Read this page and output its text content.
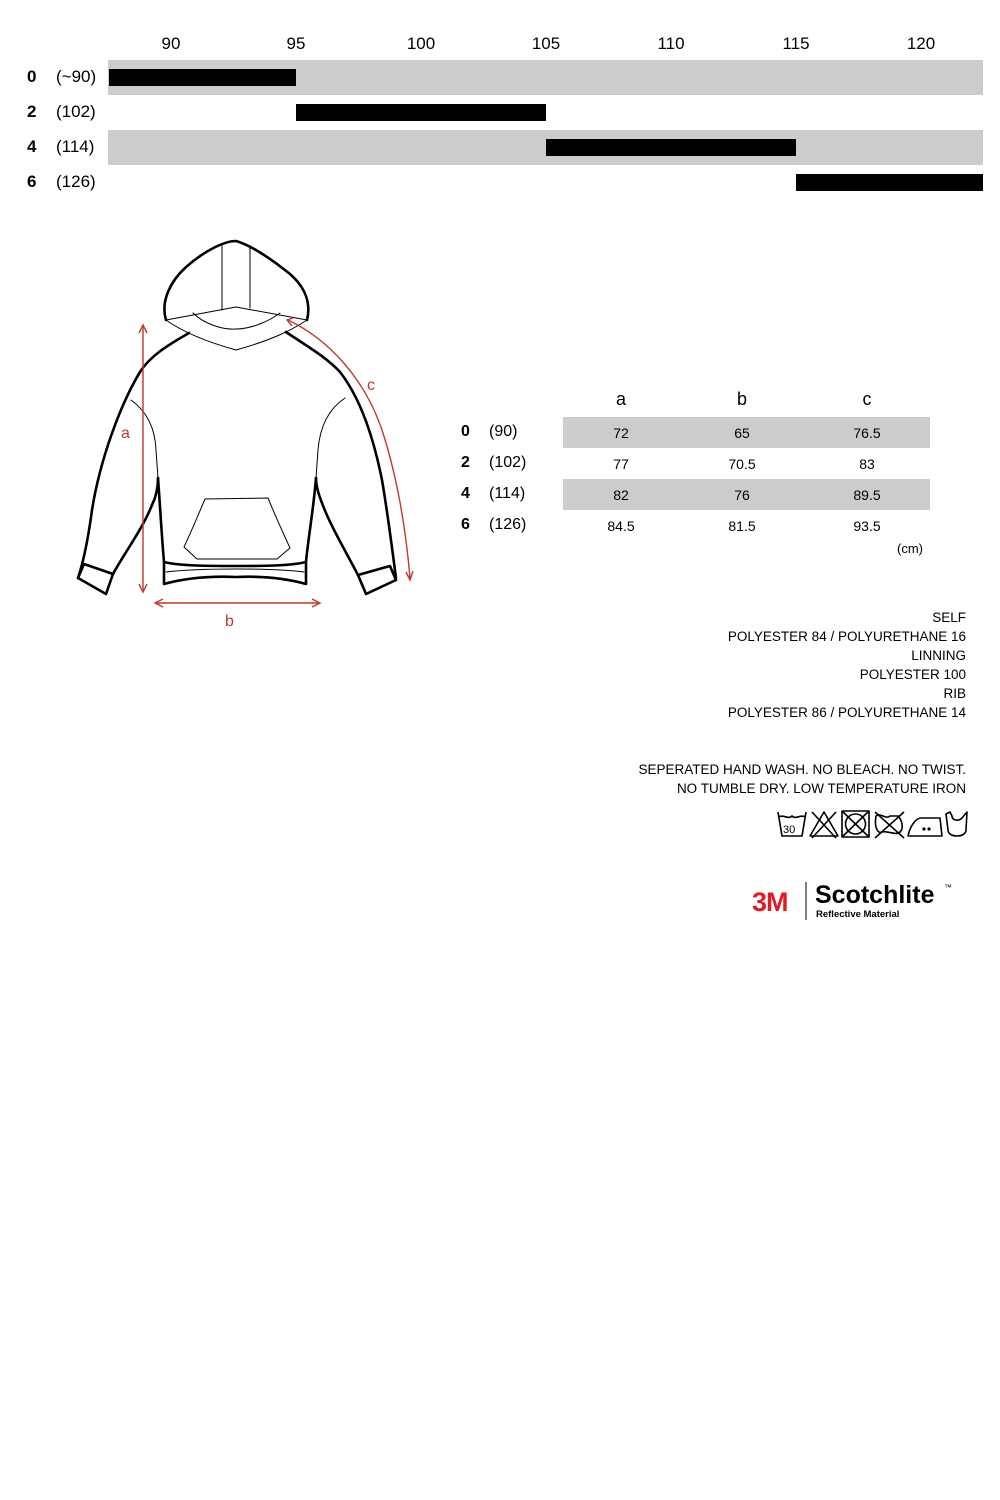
90	95	100	105	110	115	120
0 (~90)
2 (102)
4 (114)
6 (126)
a
b
c
a	b	c
0 (90)	72	65	76.5
2 (102)	77	70.5	83
4 (114)	82	76	89.5
6 (126)	84.5	81.5	93.5
(cm)
SELF
POLYESTER 84 / POLYURETHANE 16
LINNING
POLYESTER 100
RIB
POLYESTER 86 / POLYURETHANE 14
SEPERATED HAND WASH. NO BLEACH. NO TWIST.
NO TUMBLE DRY. LOW TEMPERATURE IRON
30
3M Scotchlite ™
Reflective Material
